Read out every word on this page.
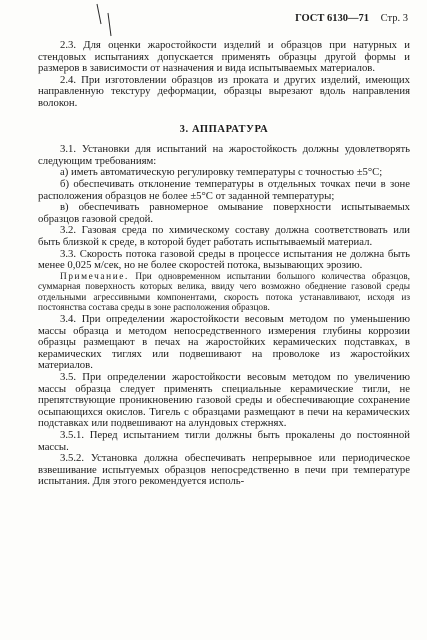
ГОСТ 6130—71 Стр. 3

2.3. Для оценки жаростойкости изделий и образцов при натурных и стендовых испытаниях допускается применять образцы другой формы и размеров в зависимости от назначения и вида испытываемых материалов.

2.4. При изготовлении образцов из проката и других изделий, имеющих направленную текстуру деформации, образцы вырезают вдоль направления волокон.

3. АППАРАТУРА

3.1. Установки для испытаний на жаростойкость должны удовлетворять следующим требованиям:

а) иметь автоматическую регулировку температуры с точностью ±5°С;

б) обеспечивать отклонение температуры в отдельных точках печи в зоне расположения образцов не более ±5°С от заданной температуры;

в) обеспечивать равномерное омывание поверхности испытываемых образцов газовой средой.

3.2. Газовая среда по химическому составу должна соответствовать или быть близкой к среде, в которой будет работать испытываемый материал.

3.3. Скорость потока газовой среды в процессе испытания не должна быть менее 0,025 м/сек, но не более скоростей потока, вызывающих эрозию.

Примечание. При одновременном испытании большого количества образцов, суммарная поверхность которых велика, ввиду чего возможно обеднение газовой среды отдельными агрессивными компонентами, скорость потока устанавливают, исходя из постоянства состава среды в зоне расположения образцов.

3.4. При определении жаростойкости весовым методом по уменьшению массы образца и методом непосредственного измерения глубины коррозии образцы размещают в печах на жаростойких керамических подставках, в керамических тиглях или подвешивают на проволоке из жаростойких материалов.

3.5. При определении жаростойкости весовым методом по увеличению массы образца следует применять специальные керамические тигли, не препятствующие проникновению газовой среды и обеспечивающие сохранение осыпающихся окислов. Тигель с образцами размещают в печи на керамических подставках или подвешивают на алундовых стержнях.

3.5.1. Перед испытанием тигли должны быть прокалены до постоянной массы.

3.5.2. Установка должна обеспечивать непрерывное или периодическое взвешивание испытуемых образцов непосредственно в печи при температуре испытания. Для этого рекомендуется исполь-
